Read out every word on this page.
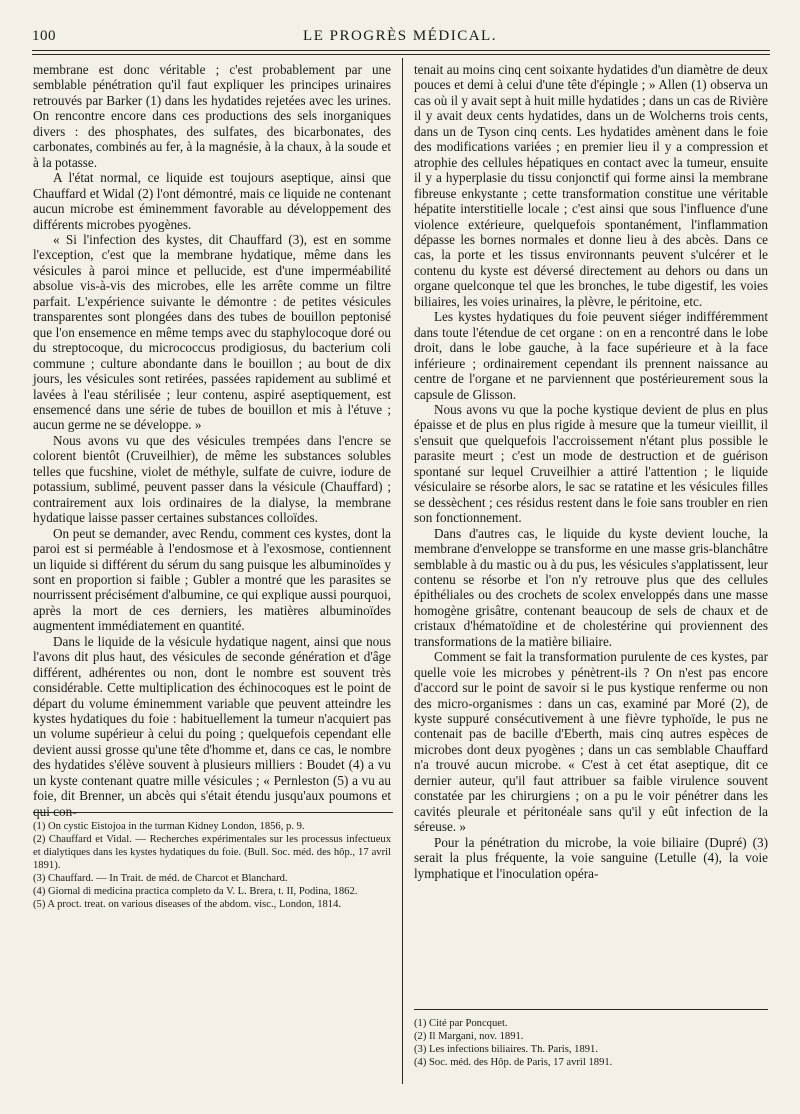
100	LE PROGRÈS MÉDICAL.

membrane est donc véritable ; c'est probablement par une semblable pénétration qu'il faut expliquer les principes urinaires retrouvés par Barker (1) dans les hydatides rejetées avec les urines. On rencontre encore dans ces productions des sels inorganiques divers : des phosphates, des sulfates, des bicarbonates, des carbonates, combinés au fer, à la magnésie, à la chaux, à la soude et à la potasse.

A l'état normal, ce liquide est toujours aseptique, ainsi que Chauffard et Widal (2) l'ont démontré, mais ce liquide ne contenant aucun microbe est éminemment favorable au développement des différents microbes pyogènes.

« Si l'infection des kystes, dit Chauffard (3), est en somme l'exception, c'est que la membrane hydatique, même dans les vésicules à paroi mince et pellucide, est d'une imperméabilité absolue vis-à-vis des microbes, elle les arrête comme un filtre parfait. L'expérience suivante le démontre : de petites vésicules transparentes sont plongées dans des tubes de bouillon peptonisé que l'on ensemence en même temps avec du staphylocoque doré ou du streptocoque, du micrococcus prodigiosus, du bacterium coli commune ; culture abondante dans le bouillon ; au bout de dix jours, les vésicules sont retirées, passées rapidement au sublimé et lavées à l'eau stérilisée ; leur contenu, aspiré aseptiquement, est ensemencé dans une série de tubes de bouillon et mis à l'étuve ; aucun germe ne se développe. »

Nous avons vu que des vésicules trempées dans l'encre se colorent bientôt (Cruveilhier), de même les substances solubles telles que fucshine, violet de méthyle, sulfate de cuivre, iodure de potassium, sublimé, peuvent passer dans la vésicule (Chauffard) ; contrairement aux lois ordinaires de la dialyse, la membrane hydatique laisse passer certaines substances colloïdes.

On peut se demander, avec Rendu, comment ces kystes, dont la paroi est si perméable à l'endosmose et à l'exosmose, contiennent un liquide si différent du sérum du sang puisque les albuminoïdes y sont en proportion si faible ; Gubler a montré que les parasites se nourrissent précisément d'albumine, ce qui explique aussi pourquoi, après la mort de ces derniers, les matières albuminoïdes augmentent immédiatement en quantité.

Dans le liquide de la vésicule hydatique nagent, ainsi que nous l'avons dit plus haut, des vésicules de seconde génération et d'âge différent, adhérentes ou non, dont le nombre est souvent très considérable. Cette multiplication des échinocoques est le point de départ du volume éminemment variable que peuvent atteindre les kystes hydatiques du foie : habituellement la tumeur n'acquiert pas un volume supérieur à celui du poing ; quelquefois cependant elle devient aussi grosse qu'une tête d'homme et, dans ce cas, le nombre des hydatides s'élève souvent à plusieurs milliers : Boudet (4) a vu un kyste contenant quatre mille vésicules ; « Pernleston (5) a vu au foie, dit Brenner, un abcès qui s'était étendu jusqu'aux poumons et qui con-

tenait au moins cinq cent soixante hydatides d'un diamètre de deux pouces et demi à celui d'une tête d'épingle ; » Allen (1) observa un cas où il y avait sept à huit mille hydatides ; dans un cas de Rivière il y avait deux cents hydatides, dans un de Wolcherns trois cents, dans un de Tyson cinq cents. Les hydatides amènent dans le foie des modifications variées ; en premier lieu il y a compression et atrophie des cellules hépatiques en contact avec la tumeur, ensuite il y a hyperplasie du tissu conjonctif qui forme ainsi la membrane fibreuse enkystante ; cette transformation constitue une véritable hépatite interstitielle locale ; c'est ainsi que sous l'influence d'une violence extérieure, quelquefois spontanément, l'inflammation dépasse les bornes normales et donne lieu à des abcès. Dans ce cas, la porte et les tissus environnants peuvent s'ulcérer et le contenu du kyste est déversé directement au dehors ou dans un organe quelconque tel que les bronches, le tube digestif, les voies biliaires, les voies urinaires, la plèvre, le péritoine, etc.

Les kystes hydatiques du foie peuvent siéger indifféremment dans toute l'étendue de cet organe : on en a rencontré dans le lobe droit, dans le lobe gauche, à la face supérieure et à la face inférieure ; ordinairement cependant ils prennent naissance au centre de l'organe et ne parviennent que postérieurement sous la capsule de Glisson.

Nous avons vu que la poche kystique devient de plus en plus épaisse et de plus en plus rigide à mesure que la tumeur vieillit, il s'ensuit que quelquefois l'accroissement n'étant plus possible le parasite meurt ; c'est un mode de destruction et de guérison spontané sur lequel Cruveilhier a attiré l'attention ; le liquide vésiculaire se résorbe alors, le sac se ratatine et les vésicules filles se dessèchent ; ces résidus restent dans le foie sans troubler en rien son fonctionnement.

Dans d'autres cas, le liquide du kyste devient louche, la membrane d'enveloppe se transforme en une masse gris-blanchâtre semblable à du mastic ou à du pus, les vésicules s'applatissent, leur contenu se résorbe et l'on n'y retrouve plus que des cellules épithéliales ou des crochets de scolex enveloppés dans une masse homogène grisâtre, contenant beaucoup de sels de chaux et de cristaux d'hématoïdine et de cholestérine qui proviennent des transformations de la matière biliaire.

Comment se fait la transformation purulente de ces kystes, par quelle voie les microbes y pénètrent-ils ? On n'est pas encore d'accord sur le point de savoir si le pus kystique renferme ou non des micro-organismes : dans un cas, examiné par Moré (2), de kyste suppuré consécutivement à une fièvre typhoïde, le pus ne contenait pas de bacille d'Eberth, mais cinq autres espèces de microbes dont deux pyogènes ; dans un cas semblable Chauffard n'a trouvé aucun microbe. « C'est à cet état aseptique, dit ce dernier auteur, qu'il faut attribuer sa faible virulence souvent constatée par les chirurgiens ; on a pu le voir pénétrer dans les cavités pleurale et péritonéale sans qu'il y eût infection de la séreuse. »

Pour la pénétration du microbe, la voie biliaire (Dupré) (3) serait la plus fréquente, la voie sanguine (Letulle (4), la voie lymphatique et l'inoculation opéra-

(1) On cystic Eistojoa in the turman Kidney London, 1856, p. 9.
(2) Chauffard et Vidal. — Recherches expérimentales sur les processus infectueux et dialytiques dans les kystes hydatiques du foie. (Bull. Soc. méd. des hôp., 17 avril 1891).
(3) Chauffard. — In Trait. de méd. de Charcot et Blanchard.
(4) Giornal di medicina practica completo da V. L. Brera, t. II, Podina, 1862.
(5) A proct. treat. on various diseases of the abdom. visc., London, 1814.
(1) Cité par Poncquet.
(2) Il Margani, nov. 1891.
(3) Les infections biliaires. Th. Paris, 1891.
(4) Soc. méd. des Hôp. de Paris, 17 avril 1891.
